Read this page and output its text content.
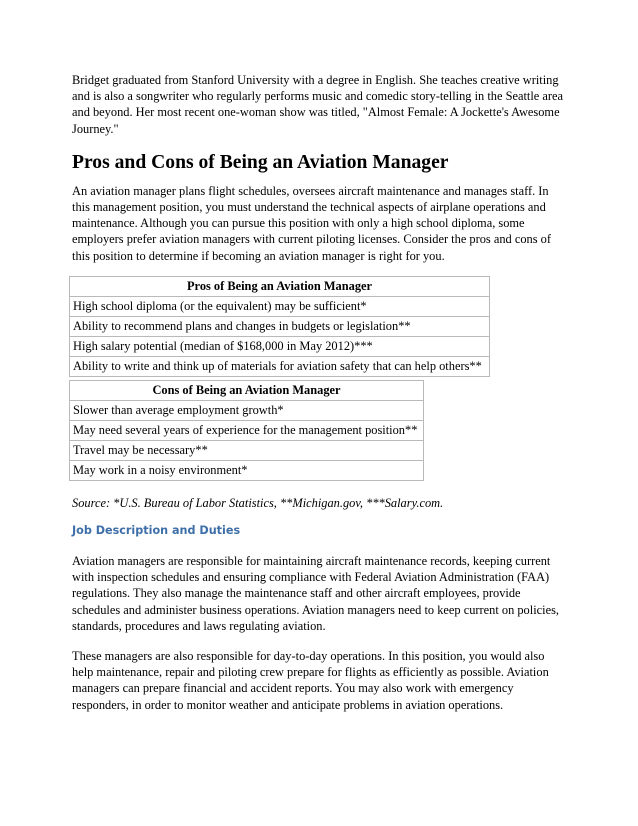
Bridget graduated from Stanford University with a degree in English. She teaches creative writing and is also a songwriter who regularly performs music and comedic story-telling in the Seattle area and beyond. Her most recent one-woman show was titled, "Almost Female: A Jockette's Awesome Journey."

Pros and Cons of Being an Aviation Manager

An aviation manager plans flight schedules, oversees aircraft maintenance and manages staff. In this management position, you must understand the technical aspects of airplane operations and maintenance. Although you can pursue this position with only a high school diploma, some employers prefer aviation managers with current piloting licenses. Consider the pros and cons of this position to determine if becoming an aviation manager is right for you.

Pros of Being an Aviation Manager
High school diploma (or the equivalent) may be sufficient*
Ability to recommend plans and changes in budgets or legislation**
High salary potential (median of $168,000 in May 2012)***
Ability to write and think up of materials for aviation safety that can help others**
Cons of Being an Aviation Manager
Slower than average employment growth*
May need several years of experience for the management position**
Travel may be necessary**
May work in a noisy environment*

Source: *U.S. Bureau of Labor Statistics, **Michigan.gov, ***Salary.com.

Job Description and Duties

Aviation managers are responsible for maintaining aircraft maintenance records, keeping current with inspection schedules and ensuring compliance with Federal Aviation Administration (FAA) regulations. They also manage the maintenance staff and other aircraft employees, provide schedules and administer business operations. Aviation managers need to keep current on policies, standards, procedures and laws regulating aviation.

These managers are also responsible for day-to-day operations. In this position, you would also help maintenance, repair and piloting crew prepare for flights as efficiently as possible. Aviation managers can prepare financial and accident reports. You may also work with emergency responders, in order to monitor weather and anticipate problems in aviation operations.
